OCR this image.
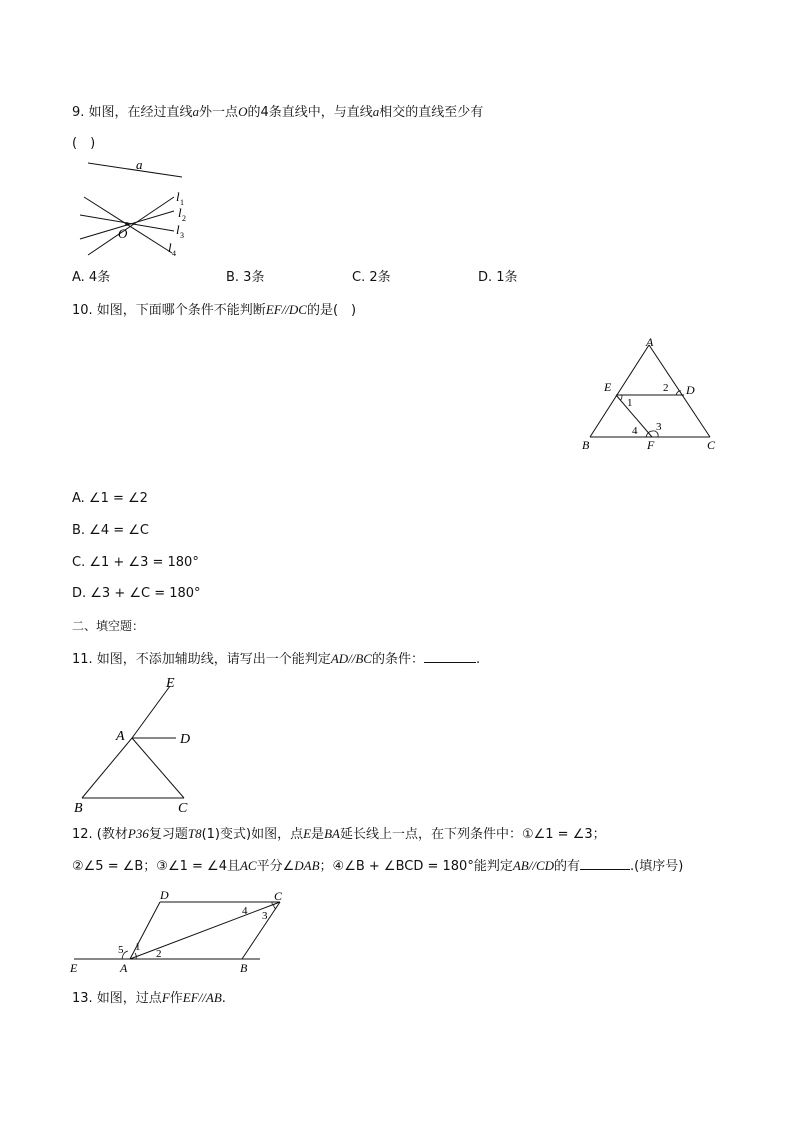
9. 如图，在经过直线a外一点O的4条直线中，与直线a相交的直线至少有
(　)
a
O
l 1
l 2
l 3
l 4
A. 4条	B. 3条	C. 2条	D. 1条
10. 如图，下面哪个条件不能判断EF//DC的是(　)
A
E	D
B	F	C
1
2
3
4
A. ∠1 = ∠2
B. ∠4 = ∠C
C. ∠1 + ∠3 = 180°
D. ∠3 + ∠C = 180°
二、填空题：
11. 如图，不添加辅助线，请写出一个能判定AD//BC的条件：	.
E
A	D
B	C
12. (教材P36复习题T8(1)变式)如图，点E是BA延长线上一点，在下列条件中：①∠1 = ∠3；
②∠5 = ∠B；③∠1 = ∠4且AC平分∠DAB；④∠B + ∠BCD = 180°能判定AB//CD的有	.(填序号)
E	A	B
D	C
5 1
2
4 3
13. 如图，过点F作EF//AB.
